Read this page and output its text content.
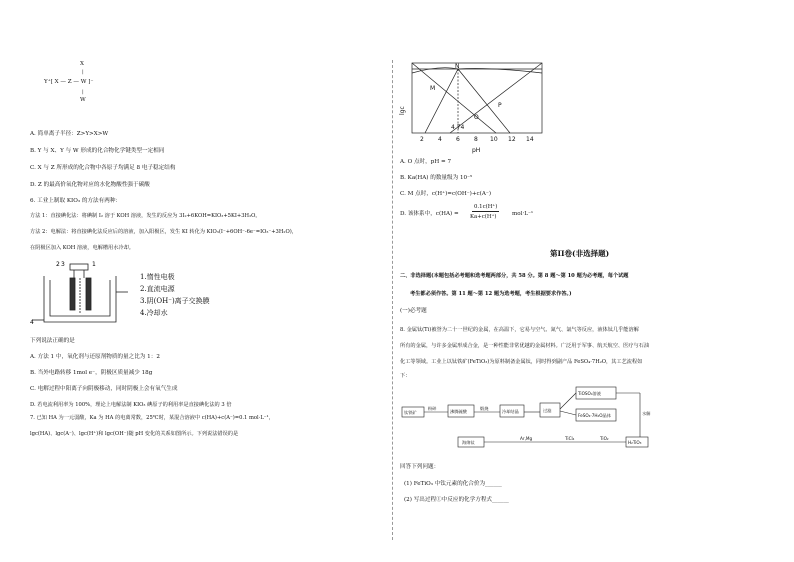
X
|
Y⁺[ X — Z — W ]⁻
|
W
A. 简单离子半径：Z>Y>X>W
B. Y 与 X、Y 与 W 形成的化合物化学键类型一定相同
C. X 与 Z 所形成的化合物中各原子均满足 8 电子稳定结构
D. Z 的最高价氧化物对应的水化物酸性强于碳酸
6. 工业上制取 KIO₃ 的方法有两种：
方法 1：直接碘化法：将碘制 I₂ 溶于 KOH 溶液，发生的反应为 3I₂+6KOH=KIO₃+5KI+3H₂O。
方法 2：电解法：将直接碘化法反应后的溶液，加入阳极区，发生 KI 转化为 KIO₃(I⁻+6OH⁻-6e⁻=IO₃⁻+3H₂O)，
在阴极区加入 KOH 溶液，电解槽用水冷却。
2 3	1
4
1.惰性电极
2.直流电源
3.阴(OH⁻)离子交换膜
4.冷却水
下列说法正确的是
A. 方法 1 中，氧化剂与还原剂物质的量之比为 1：2
B. 当外电路转移 1mol e⁻，阴极区质量减少 18g
C. 电解过程中阳离子向阴极移动，同时阴极上会有氧气生成
D. 若电流利用率为 100%，理论上电解法制 KIO₃ 碘原子的利用率是直接碘化法的 3 倍
7. 已知 HA 为一元弱酸，Ka 为 HA 的电离常数，25℃时，某混合溶液中 c(HA)+c(A⁻)=0.1 mol·L⁻¹，
lgc(HA)、lgc(A⁻)、lgc(H⁺)和 lgc(OH⁻)随 pH 变化的关系如图所示。下列说法错误的是
lgc
pH
2 4 6 8 10 12 14
N
M
O
P
4.74
A. O 点时，pH = 7
B. Ka(HA) 的数量级为 10⁻⁵
C. M 点时，c(H⁺)=c(OH⁻)+c(A⁻)
D. 该体系中，c(HA) =
0.1c(H⁺)
Ka+c(H⁺)	mol·L⁻¹
第II卷(非选择题)
二、非选择题(本题包括必考题和选考题两部分，共 58 分。第 8 题～第 10 题为必考题，每个试题
考生都必须作答。第 11 题～第 12 题为选考题，考生根据要求作答。)
(一)必考题
8. 金属钛(Ti)被誉为二十一世纪的金属，在高温下，它易与空气、氮气、氯气等反应，液体钛几乎能溶解
所有的金属，与许多金属形成合金，是一种性能非常优越的金属材料。广泛用于军事、航天航空、医疗与石油
化工等领域。工业上以钛铁矿(FeTiO₃)为原料制备金属钛，同时得到副产品 FeSO₄·7H₂O，其工艺流程如
下：
钛铁矿
粉碎
沸腾硫酸
煅烧
冷却结晶	过滤
TiOSO₄溶液
FeSO₄·7H₂O晶体	水解
H₂TiO₃
TiO₂
TiCl₄
Ar,Mg
海绵钛
回答下列问题：
(1) FeTiO₃ 中钛元素的化合价为______
(2) 写出过程①中反应的化学方程式______
